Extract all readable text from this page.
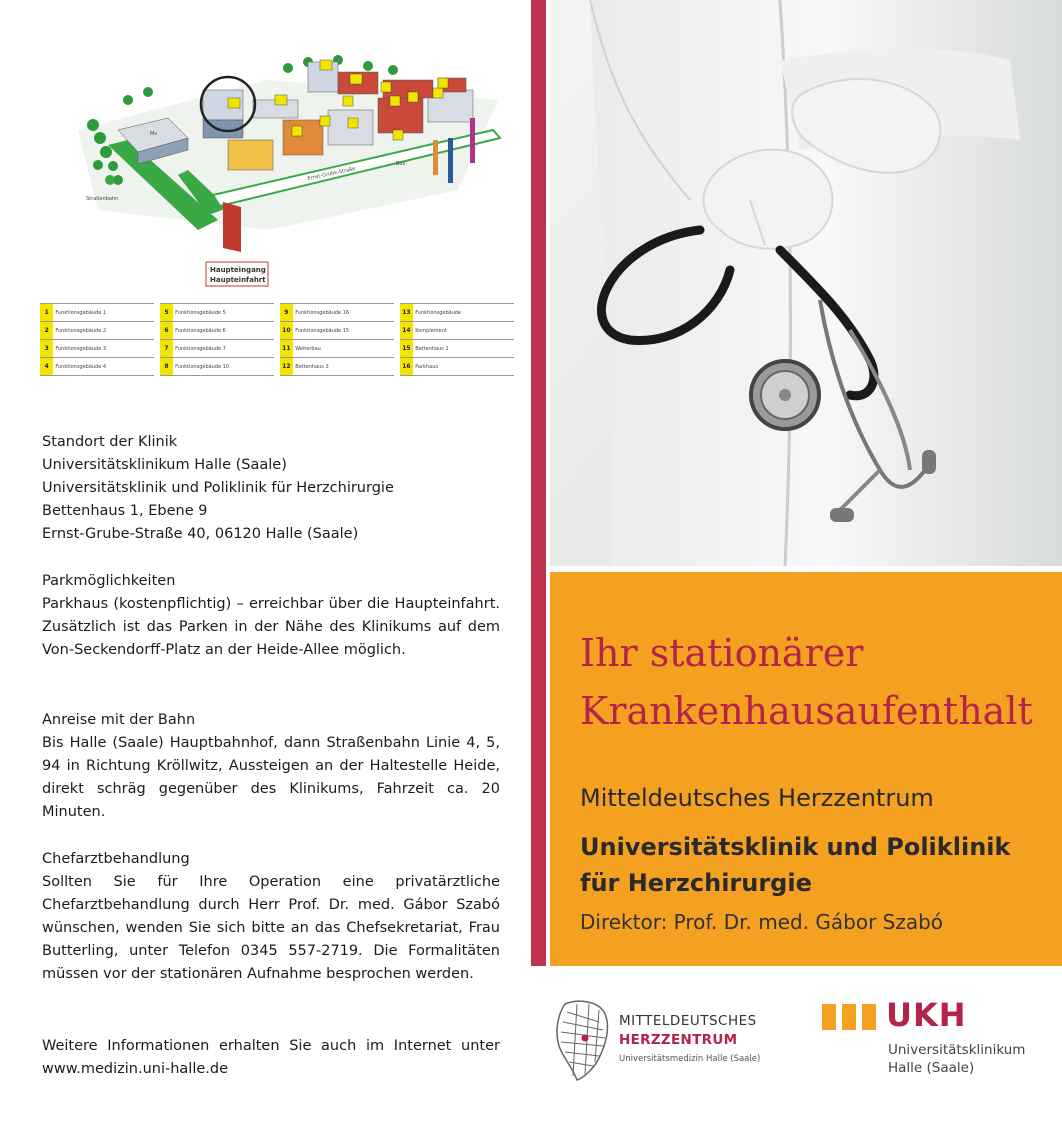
Ernst-Grube-Straße
Bus
Mv
Straßenbahn
Haupteingang
Haupteinfahrt
1	Funktionsgebäude 1		5	Funktionsgebäude 5		9	Funktionsgebäude 16		13	Funktionsgebäude
2	Funktionsgebäude 2		6	Funktionsgebäude 6		10	Funktionsgebäude 15		14	Komplement
3	Funktionsgebäude 3		7	Funktionsgebäude 7		11	Weiterbau		15	Bettenhaus 1
4	Funktionsgebäude 4		8	Funktionsgebäude 10		12	Bettenhaus 3		16	Parkhaus
Standort der Klinik
Universitätsklinikum Halle (Saale)
Universitätsklinik und Poliklinik für Herzchirurgie
Bettenhaus 1, Ebene 9
Ernst-Grube-Straße 40, 06120 Halle (Saale)
Parkmöglichkeiten

Parkhaus (kostenpflichtig) – erreichbar über die Haupteinfahrt. Zusätzlich ist das Parken in der Nähe des Klinikums auf dem Von-Seckendorff-Platz an der Heide-Allee möglich.

Anreise mit der Bahn

Bis Halle (Saale) Hauptbahnhof, dann Straßenbahn Linie 4, 5, 94 in Richtung Kröllwitz, Aussteigen an der Haltestelle Heide, direkt schräg gegenüber des Klinikums, Fahrzeit ca. 20 Minuten.

Chefarztbehandlung

Sollten Sie für Ihre Operation eine privatärztliche Chefarztbehandlung durch Herr Prof. Dr. med. Gábor Szabó wünschen, wenden Sie sich bitte an das Chefsekretariat, Frau Butterling, unter Telefon 0345 557-2719. Die Formalitäten müssen vor der stationären Aufnahme besprochen werden.

Weitere Informationen erhalten Sie auch im Internet unter www.medizin.uni-halle.de

Ihr stationärer
Krankenhausaufenthalt
Mitteldeutsches Herzzentrum
Universitätsklinik und Poliklinik
für Herzchirurgie
Direktor: Prof. Dr. med. Gábor Szabó
MITTELDEUTSCHES
HERZZENTRUM
Universitätsmedizin Halle (Saale)
UKH
Universitätsklinikum
Halle (Saale)
